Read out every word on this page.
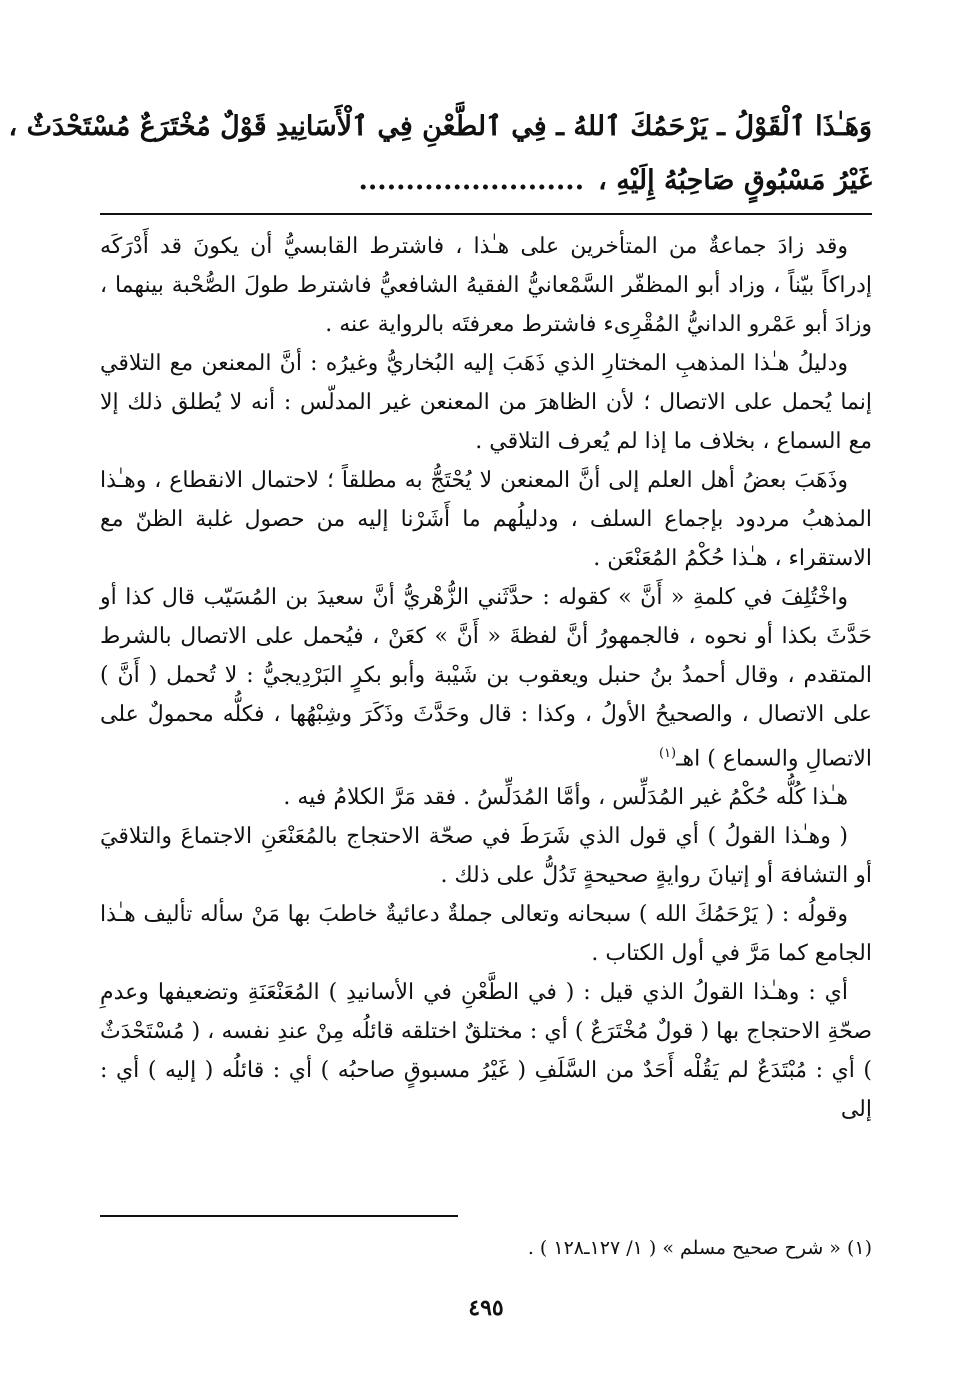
وَهَـٰذَا ٱلْقَوْلُ ـ يَرْحَمُكَ ٱللهُ ـ فِي ٱلطَّعْنِ فِي ٱلْأَسَانِيدِ قَوْلٌ مُخْتَرَعٌ مُسْتَحْدَثٌ ،
غَيْرُ مَسْبُوقٍ صَاحِبُهُ إِلَيْهِ ،........................

وقد زادَ جماعةٌ من المتأخرين على هـٰذا ، فاشترط القابسيُّ أن يكونَ قد أَدْرَكَه إدراكاً بيّناً ، وزاد أبو المظفّر السَّمْعانيُّ الفقيهُ الشافعيُّ فاشترط طولَ الصُّحْبة بينهما ، وزادَ أبو عَمْرو الدانيُّ المُقْرِىء فاشترط معرفتَه بالرواية عنه .

ودليلُ هـٰذا المذهبِ المختارِ الذي ذَهَبَ إليه البُخاريُّ وغيرُه : أنَّ المعنعن مع التلاقي إنما يُحمل على الاتصال ؛ لأن الظاهرَ من المعنعن غير المدلّس : أنه لا يُطلق ذلك إلا مع السماع ، بخلاف ما إذا لم يُعرف التلاقي .

وذَهَبَ بعضُ أهل العلم إلى أنَّ المعنعن لا يُحْتَجُّ به مطلقاً ؛ لاحتمال الانقطاع ، وهـٰذا المذهبُ مردود بإجماع السلف ، ودليلُهم ما أَشَرْنا إليه من حصول غلبة الظنّ مع الاستقراء ، هـٰذا حُكْمُ المُعَنْعَن .

واخْتُلِفَ في كلمةِ « أَنَّ » كقوله : حدَّثَني الزُّهْريُّ أنَّ سعيدَ بن المُسَيّب قال كذا أو حَدَّثَ بكذا أو نحوه ، فالجمهورُ أنَّ لفظةَ « أَنَّ » كعَنْ ، فيُحمل على الاتصال بالشرط المتقدم ، وقال أحمدُ بنُ حنبل ويعقوب بن شَيْبة وأبو بكرٍ البَرْدِيجيُّ : لا تُحمل ( أَنَّ ) على الاتصال ، والصحيحُ الأولُ ، وكذا : قال وحَدَّثَ وذَكَرَ وشِبْهُها ، فكلُّه محمولٌ على الاتصالِ والسماع ) اهـ$^{(١)}$

هـٰذا كُلُّه حُكْمُ غير المُدَلِّس ، وأمَّا المُدَلِّسُ . فقد مَرَّ الكلامُ فيه .

( وهـٰذا القولُ ) أي قول الذي شَرَطَ في صحّة الاحتجاج بالمُعَنْعَنِ الاجتماعَ والتلاقيَ أو التشافهَ أو إتيانَ روايةٍ صحيحةٍ تَدُلُّ على ذلك .

وقولُه : ( يَرْحَمُكَ الله ) سبحانه وتعالى جملةٌ دعائيةٌ خاطبَ بها مَنْ سأله تأليف هـٰذا الجامع كما مَرَّ في أول الكتاب .

أي : وهـٰذا القولُ الذي قيل : ( في الطَّعْنِ في الأسانيدِ ) المُعَنْعَنَةِ وتضعيفها وعدمِ صحّةِ الاحتجاج بها ( قولٌ مُخْتَرَعٌ ) أي : مختلقٌ اختلقه قائلُه مِنْ عندِ نفسه ، ( مُسْتَحْدَثٌ ) أي : مُبْتَدَعٌ لم يَقُلْه أَحَدٌ من السَّلَفِ ( غَيْرُ مسبوقٍ صاحبُه ) أي : قائلُه ( إليه ) أي : إلى

(١) « شرح صحيح مسلم » ( ١/ ١٢٧ـ١٢٨ ) .
٤٩٥
